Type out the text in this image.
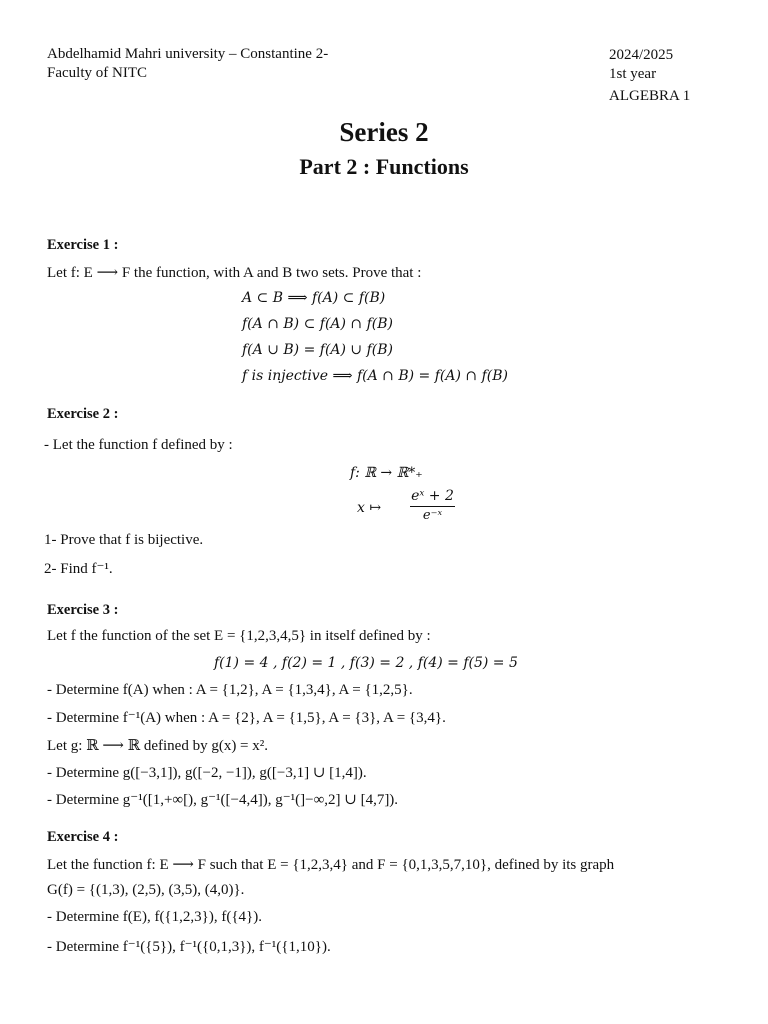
Abdelhamid Mahri university – Constantine 2-
Faculty of NITC
2024/2025
1st year
ALGEBRA 1
Series 2
Part 2 : Functions
Exercise 1 :
Let f: E ⟶ F the function, with A and B two sets. Prove that :
A ⊂ B ⟹ f(A) ⊂ f(B)
f(A ∩ B) ⊂ f(A) ∩ f(B)
f(A ∪ B) = f(A) ∪ f(B)
f is injective ⟹ f(A ∩ B) = f(A) ∩ f(B)
Exercise 2 :
- Let the function f defined by :
f: ℝ → ℝ*₊
x ↦
eˣ + 2
e⁻ˣ
1- Prove that f is bijective.
2- Find f⁻¹.
Exercise 3 :
Let f the function of the set E = {1,2,3,4,5} in itself defined by :
f(1) = 4 , f(2) = 1 , f(3) = 2 , f(4) = f(5) = 5
- Determine f(A) when : A = {1,2}, A = {1,3,4}, A = {1,2,5}.
- Determine f⁻¹(A) when : A = {2}, A = {1,5}, A = {3}, A = {3,4}.
Let g: ℝ ⟶ ℝ defined by g(x) = x².
- Determine g([−3,1]), g([−2, −1]), g([−3,1] ∪ [1,4]).
- Determine g⁻¹([1,+∞[), g⁻¹([−4,4]), g⁻¹(]−∞,2] ∪ [4,7]).
Exercise 4 :
Let the function f: E ⟶ F such that E = {1,2,3,4} and F = {0,1,3,5,7,10}, defined by its graph
G(f) = {(1,3), (2,5), (3,5), (4,0)}.
- Determine f(E), f({1,2,3}), f({4}).
- Determine f⁻¹({5}), f⁻¹({0,1,3}), f⁻¹({1,10}).
